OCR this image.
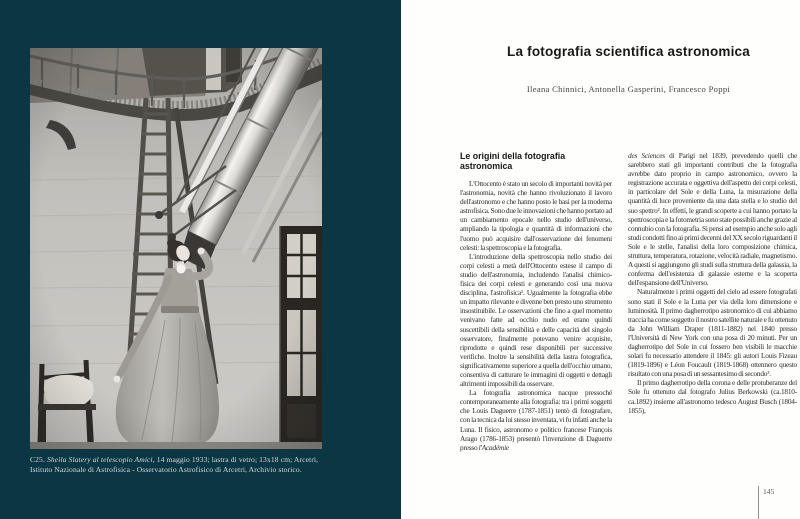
C25. Sheila Slatery al telescopio Amici, 14 maggio 1933; lastra di vetro; 13x18 cm; Arcetri, Istituto Nazionale di Astrofisica - Osservatorio Astrofisico di Arcetri, Archivio storico.

La fotografia scientifica astronomica
Ileana Chinnici, Antonella Gasperini, Francesco Poppi
Le origini della fotografia astronomica

L'Ottocento è stato un secolo di importanti novità per l'astronomia, novità che hanno rivoluzionato il lavoro dell'astronomo e che hanno posto le basi per la moderna astrofisica. Sono due le innovazioni che hanno portato ad un cambiamento epocale nello studio dell'universo, ampliando la tipologia e quantità di informazioni che l'uomo può acquisire dall'osservazione dei fenomeni celesti: la spettroscopia e la fotografia.

L'introduzione della spettroscopia nello studio dei corpi celesti a metà dell'Ottocento estese il campo di studio dell'astronomia, includendo l'analisi chimico-fisica dei corpi celesti e generando così una nuova disciplina, l'astrofisica¹. Ugualmente la fotografia ebbe un impatto rilevante e divenne ben presto uno strumento insostituibile. Le osservazioni che fino a quel momento venivano fatte ad occhio nudo ed erano quindi suscettibili della sensibilità e delle capacità del singolo osservatore, finalmente potevano venire acquisite, riprodotte e quindi rese disponibili per successive verifiche. Inoltre la sensibilità della lastra fotografica, significativamente superiore a quella dell'occhio umano, consentiva di catturare le immagini di oggetti e dettagli altrimenti impossibili da osservare.

La fotografia astronomica nacque pressoché contemporaneamente alla fotografia: tra i primi soggetti che Louis Daguerre (1787-1851) tentò di fotografare, con la tecnica da lui stesso inventata, vi fu infatti anche la Luna. Il fisico, astronomo e politico francese François Arago (1786-1853) presentò l'invenzione di Daguerre presso l'Académie

des Sciences di Parigi nel 1839, prevedendo quelli che sarebbero stati gli importanti contributi che la fotografia avrebbe dato proprio in campo astronomico, ovvero la registrazione accurata e oggettiva dell'aspetto dei corpi celesti, in particolare del Sole e della Luna, la misurazione della quantità di luce proveniente da una data stella e lo studio del suo spettro². In effetti, le grandi scoperte a cui hanno portato la spettroscopia e la fotometria sono state possibili anche grazie al connubio con la fotografia. Si pensi ad esempio anche solo agli studi condotti fino ai primi decenni del XX secolo riguardanti il Sole e le stelle, l'analisi della loro composizione chimica, struttura, temperatura, rotazione, velocità radiale, magnetismo. A questi si aggiungono gli studi sulla struttura della galassia, la conferma dell'esistenza di galassie esterne e la scoperta dell'espansione dell'Universo.

Naturalmente i primi oggetti del cielo ad essere fotografati sono stati il Sole e la Luna per via della loro dimensione e luminosità. Il primo dagherrotipo astronomico di cui abbiamo traccia ha come soggetto il nostro satellite naturale e fu ottenuto da John William Draper (1811-1882) nel 1840 presso l'Università di New York con una posa di 20 minuti. Per un dagherrotipo del Sole in cui fossero ben visibili le macchie solari fu necessario attendere il 1845: gli autori Louis Fizeau (1819-1896) e Léon Foucault (1819-1868) ottennero questo risultato con una posa di un sessantesimo di secondo³.

Il primo dagherrotipo della corona e delle protuberanze del Sole fu ottenuto dal fotografo Julius Berkowski (ca.1810-ca.1892) insieme all'astronomo tedesco August Busch (1804-1855),

145
